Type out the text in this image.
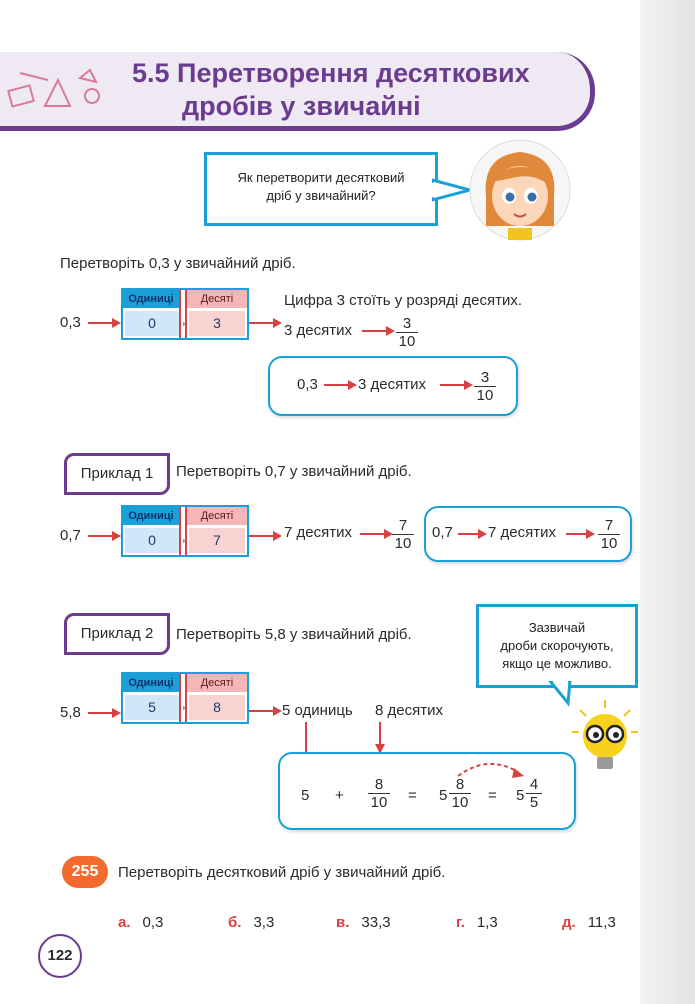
5.5 Перетворення десяткових
дробів у звичайні
Як перетворити десятковий
дріб у звичайний?
Перетворіть 0,3 у звичайний дріб.
0,3
Одиниці	Десяті
0	3
,
Цифра 3 стоїть у розряді десятих.
3 десятих	$\frac{3}{10}$
0,3	3 десятих	$\frac{3}{10}$
Приклад 1	Перетворіть 0,7 у звичайний дріб.
0,7
Одиниці	Десяті
0	7
,	7 десятих	$\frac{7}{10} 0,7$ 7 десятих	$\frac{7}{10}$
Приклад 2	Перетворіть 5,8 у звичайний дріб.	Зазвичай
дроби скорочують,
якщо це можливо.
5,8
Одиниці	Десяті
5	8
,	5 одиниць 8 десятих
$5 + \frac{8}{10} = 5 \frac{8}{10} = 5 \frac{4}{5}$
255	Перетворіть десятковий дріб у звичайний дріб.
а. 0,3	б. 3,3	в. 33,3	г. 1,3	д. 11,3
122
